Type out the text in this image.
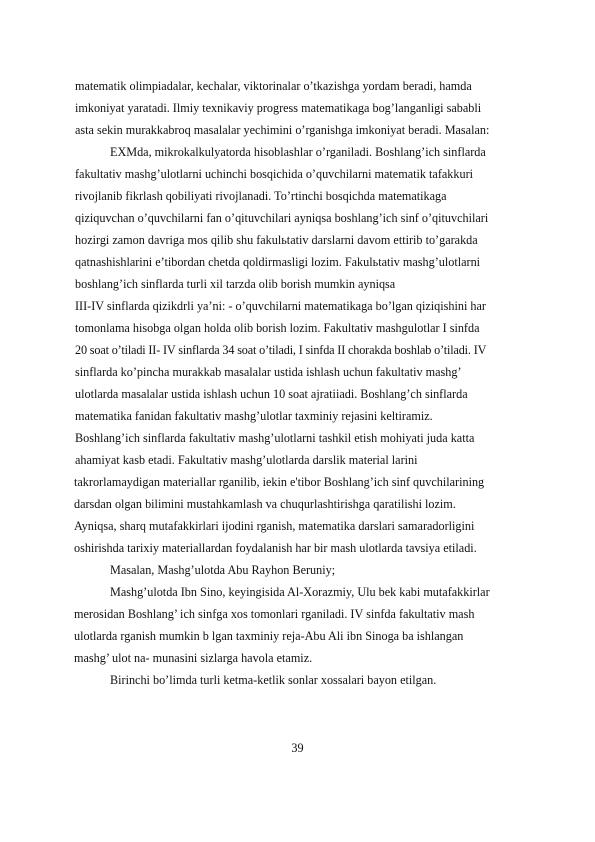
matematik olimpiadalar, kechalar, viktorinalar o’tkazishga yordam beradi, hamda
imkoniyat yaratadi. Ilmiy texnikaviy progress matematikaga bog’langanligi sababli
asta sekin murakkabroq masalalar yechimini o’rganishga imkoniyat beradi. Masalan:
EXMda, mikrokalkulyatorda hisoblashlar o’rganiladi. Boshlang’ich sinflarda
fakultativ mashg’ulotlarni uchinchi bosqichida o’quvchilarni matematik tafakkuri
rivojlanib fikrlash qobiliyati rivojlanadi. To’rtinchi bosqichda matematikaga
qiziquvchan o’quvchilarni fan o’qituvchilari ayniqsa boshlang’ich sinf o’qituvchilari
hozirgi zamon davriga mos qilib shu fakulьtativ darslarni davom ettirib to’garakda
qatnashishlarini e’tibordan chetda qoldirmasligi lozim. Fakulьtativ mashg’ulotlarni
boshlang’ich sinflarda turli xil tarzda olib borish mumkin ayniqsa
III-IV sinflarda qizikdrli ya’ni: - o’quvchilarni matematikaga bo’lgan qiziqishini har
tomonlama hisobga olgan holda olib borish lozim. Fakultativ mashgulotlar I sinfda
20 soat o’tiladi II- IV sinflarda 34 soat o’tiladi, I sinfda II chorakda boshlab o’tiladi. IV
sinflarda ko’pincha murakkab masalalar ustida ishlash uchun fakultativ mashg’
ulotlarda masalalar ustida ishlash uchun 10 soat ajratiiadi. Boshlang’ch sinflarda
matematika fanidan fakultativ mashg’ulotlar taxminiy rejasini keltiramiz.
Boshlang’ich sinflarda fakultativ mashg’ulotlarni tashkil etish mohiyati juda katta
ahamiyat kasb etadi. Fakultativ mashg’ulotlarda darslik material larini
takrorlamaydigan materiallar rganilib, iekin e'tibor Boshlang’ich sinf quvchilarining
darsdan olgan bilimini mustahkamlash va chuqurlashtirishga qaratilishi lozim.
Ayniqsa, sharq mutafakkirlari ijodini rganish, matematika darslari samaradorligini
oshirishda tarixiy materiallardan foydalanish har bir mash ulotlarda tavsiya etiladi.
Masalan, Mashg’ulotda Abu Rayhon Beruniy;
Mashg’ulotda Ibn Sino, keyingisida Al-Xorazmiy, Ulu bek kabi mutafakkirlar
merosidan Boshlang’ ich sinfga xos tomonlari rganiladi. IV sinfda fakultativ mash
ulotlarda rganish mumkin b lgan taxminiy reja-Abu Ali ibn Sinoga ba ishlangan
mashg’ ulot na- munasini sizlarga havola etamiz.
Birinchi bo’limda turli ketma-ketlik sonlar xossalari bayon etilgan.
39
